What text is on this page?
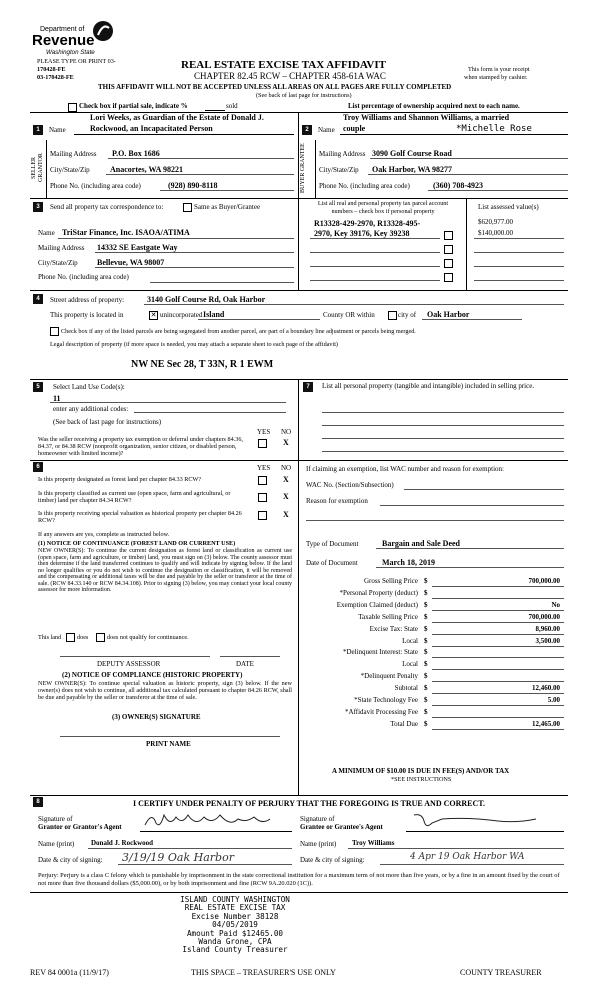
Department of
Revenue
Washington State
PLEASE TYPE OR PRINT 03-
170428-FE
03-170428-FE
REAL ESTATE EXCISE TAX AFFIDAVIT
CHAPTER 82.45 RCW – CHAPTER 458-61A WAC
This form is your receipt
when stamped by cashier.
THIS AFFIDAVIT WILL NOT BE ACCEPTED UNLESS ALL AREAS ON ALL PAGES ARE FULLY COMPLETED
(See back of last page for instructions)
Check box if partial sale, indicate %	sold	List percentage of ownership acquired next to each name.
1	Name
Lori Weeks, as Guardian of the Estate of Donald J.
Rockwood, an Incapacitated Person
SELLER GRANTOR Mailing Address P.O. Box 1686
City/State/Zip	Anacortes, WA 98221
Phone No. (including area code)	(928) 890-8118
2	Name
Troy Williams and Shannon Williams, a married
couple	*Michelle Rose
BUYER GRANTEE	Mailing Address 3090 Golf Course Road
City/State/Zip Oak Harbor, WA 98277
Phone No. (including area code)	(360) 708-4923
3	Send all property tax correspondence to:	Same as Buyer/Grantee	List all real and personal property tax parcel account
numbers – check box if personal property
List assessed value(s)
R13328-429-2970, R13328-495-
2970, Key 39176, Key 39238
$620,977.00
$140,000.00
Name TriStar Finance, Inc. ISAOA/ATIMA
Mailing Address 14332 SE Eastgate Way
City/State/Zip Bellevue, WA 98007
Phone No. (including area code)
4	Street address of property:	3140 Golf Course Rd, Oak Harbor
This property is located in	✕ unincorporated Island	County OR within	city of Oak Harbor
Check box if any of the listed parcels are being segregated from another parcel, are part of a boundary line adjustment or parcels being merged.
Legal description of property (if more space is needed, you may attach a separate sheet to each page of the affidavit)
NW NE Sec 28, T 33N, R 1 EWM
5	Select Land Use Code(s):
11
enter any additional codes:
(See back of last page for instructions)
YES NO
Was the seller receiving a property tax exemption or deferral under chapters 84.36, 84.37, or 84.38 RCW (nonprofit organization, senior citizen, or disabled person, homeowner with limited income)?
X
6	YES NO
Is this property designated as forest land per chapter 84.33 RCW?	X
Is this property classified as current use (open space, farm and agricultural, or timber) land per chapter 84.34 RCW?	X
Is this property receiving special valuation as historical property per chapter 84.26 RCW?
X
If any answers are yes, complete as instructed below.
(1) NOTICE OF CONTINUANCE (FOREST LAND OR CURRENT USE)
NEW OWNER(S): To continue the current designation as forest land or classification as current use (open space, farm and agriculture, or timber) land, you must sign on (3) below. The county assessor must then determine if the land transferred continues to qualify and will indicate by signing below. If the land no longer qualifies or you do not wish to continue the designation or classification, it will be removed and the compensating or additional taxes will be due and payable by the seller or transferor at the time of sale. (RCW 84.33.140 or RCW 84.34.108). Prior to signing (3) below, you may contact your local county assessor for more information.
This land	does	does not qualify for continuance.
DEPUTY ASSESSOR	DATE
(2) NOTICE OF COMPLIANCE (HISTORIC PROPERTY)
NEW OWNER(S): To continue special valuation as historic property, sign (3) below. If the new owner(s) does not wish to continue, all additional tax calculated pursuant to chapter 84.26 RCW, shall be due and payable by the seller or transferor at the time of sale.
(3) OWNER(S) SIGNATURE
PRINT NAME
7	List all personal property (tangible and intangible) included in selling price.
If claiming an exemption, list WAC number and reason for exemption:
WAC No. (Section/Subsection)
Reason for exemption
Type of Document	Bargain and Sale Deed
Date of Document	March 18, 2019
Gross Selling Price $	700,000.00
*Personal Property (deduct) $
Exemption Claimed (deduct) $	No
Taxable Selling Price $	700,000.00
Excise Tax: State $	8,960.00
Local $	3,500.00
*Delinquent Interest: State $
Local $
*Delinquent Penalty $
Subtotal $	12,460.00
*State Technology Fee $	5.00
*Affidavit Processing Fee $
Total Due $	12,465.00
A MINIMUM OF $10.00 IS DUE IN FEE(S) AND/OR TAX
*SEE INSTRUCTIONS
8	I CERTIFY UNDER PENALTY OF PERJURY THAT THE FOREGOING IS TRUE AND CORRECT.
Signature of
Grantor or Grantor's Agent
Signature of
Grantee or Grantee's Agent
Name (print) Donald J. Rockwood	Name (print) Troy Williams
Date & city of signing: 3/19/19 Oak Harbor	Date & city of signing:	4 Apr 19 Oak Harbor WA
Perjury: Perjury is a class C felony which is punishable by imprisonment in the state correctional institution for a maximum term of not more than five years, or by a fine in an amount fixed by the court of not more than five thousand dollars ($5,000.00), or by both imprisonment and fine (RCW 9A.20.020 (1C)).
ISLAND COUNTY WASHINGTON
REAL ESTATE EXCISE TAX
Excise Number 38128
04/05/2019
Amount Paid $12465.00
Wanda Grone, CPA
Island County Treasurer
REV 84 0001a (11/9/17)	THIS SPACE – TREASURER'S USE ONLY	COUNTY TREASURER
